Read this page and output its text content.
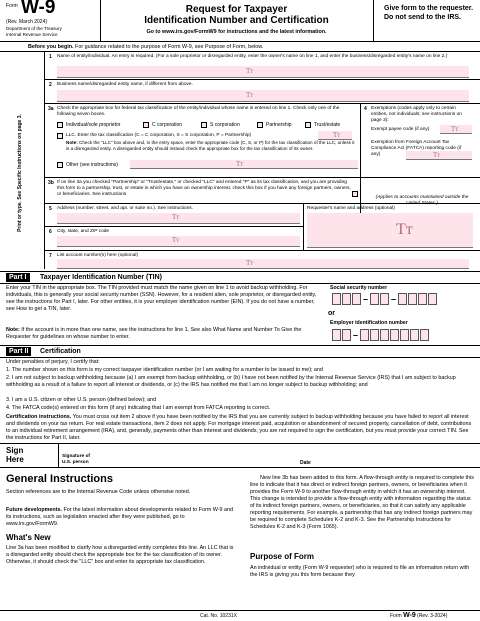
Form W-9
(Rev. March 2024)
Department of the Treasury
Internal Revenue Service
Request for Taxpayer
Identification Number and Certification
Go to www.irs.gov/FormW9 for instructions and the latest information.
Give form to the requester. Do not send to the IRS.
Before you begin. For guidance related to the purpose of Form W-9, see Purpose of Form, below.
Print or type. See Specific Instructions on page 3.
1 Name of entity/individual. An entry is required. (For a sole proprietor or disregarded entity, enter the owner's name on line 1, and enter the business/disregarded entity's name on line 2.)
Tт
2 Business name/disregarded entity name, if different from above.
Tт
3a Check the appropriate box for federal tax classification of the entity/individual whose name is entered on line 1. Check only one of the following seven boxes.
Individual/sole proprietor	C corporation	S corporation	Partnership	Trust/estate
LLC. Enter the tax classification (C = C corporation, S = S corporation, P = Partnership)	Tт
Note: Check the "LLC" box above and, in the entry space, enter the appropriate code (C, S, or P) for the tax classification of the LLC, unless it is a disregarded entity. A disregarded entity should instead check the appropriate box for the tax classification of its owner.
Other (see instructions)	Tт
4 Exemptions (codes apply only to certain entities, not individuals; see instructions on page 3):
Exempt payee code (if any)	Tт
Exemption from Foreign Account Tax Compliance Act (FATCA) reporting code (if any)	Tт
3b If on line 3a you checked "Partnership" or "Trust/estate," or checked "LLC" and entered "P" as its tax classification, and you are providing this form to a partnership, trust, or estate in which you have an ownership interest, check this box if you have any foreign partners, owners, or beneficiaries. See instructions
(Applies to accounts maintained outside the United States.)
5 Address (number, street, and apt. or suite no.). See instructions.
Tт
Requester's name and address (optional)
Tт
6 City, state, and ZIP code
Tт
7 List account number(s) here (optional)
Tт
Part I	Taxpayer Identification Number (TIN)
Enter your TIN in the appropriate box. The TIN provided must match the name given on line 1 to avoid backup withholding. For individuals, this is generally your social security number (SSN). However, for a resident alien, sole proprietor, or disregarded entity, see the instructions for Part I, later. For other entities, it is your employer identification number (EIN). If you do not have a number, see How to get a TIN, later.
Social security number
–	–
or
Employer identification number
–
Note: If the account is in more than one name, see the instructions for line 1. See also What Name and Number To Give the Requester for guidelines on whose number to enter.
Part II	Certification
Under penalties of perjury, I certify that:
1. The number shown on this form is my correct taxpayer identification number (or I am waiting for a number to be issued to me); and
2. I am not subject to backup withholding because (a) I am exempt from backup withholding, or (b) I have not been notified by the Internal Revenue Service (IRS) that I am subject to backup withholding as a result of a failure to report all interest or dividends, or (c) the IRS has notified me that I am no longer subject to backup withholding; and
3. I am a U.S. citizen or other U.S. person (defined below); and
4. The FATCA code(s) entered on this form (if any) indicating that I am exempt from FATCA reporting is correct.
Certification instructions. You must cross out item 2 above if you have been notified by the IRS that you are currently subject to backup withholding because you have failed to report all interest and dividends on your tax return. For real estate transactions, item 2 does not apply. For mortgage interest paid, acquisition or abandonment of secured property, cancellation of debt, contributions to an individual retirement arrangement (IRA), and, generally, payments other than interest and dividends, you are not required to sign the certification, but you must provide your correct TIN. See the instructions for Part II, later.
Sign
Here	Signature of
U.S. person	Date
General Instructions
Section references are to the Internal Revenue Code unless otherwise noted.
Future developments. For the latest information about developments related to Form W-9 and its instructions, such as legislation enacted after they were published, go to www.irs.gov/FormW9.
What's New
Line 3a has been modified to clarify how a disregarded entity completes this line. An LLC that is a disregarded entity should check the appropriate box for the tax classification of its owner. Otherwise, it should check the "LLC" box and enter its appropriate tax classification.
New line 3b has been added to this form. A flow-through entity is required to complete this line to indicate that it has direct or indirect foreign partners, owners, or beneficiaries when it provides the Form W-9 to another flow-through entity in which it has an ownership interest. This change is intended to provide a flow-through entity with information regarding the status of its indirect foreign partners, owners, or beneficiaries, so that it can satisfy any applicable reporting requirements. For example, a partnership that has any indirect foreign partners may be required to complete Schedules K-2 and K-3. See the Partnership Instructions for Schedules K-2 and K-3 (Form 1065).
Purpose of Form
An individual or entity (Form W-9 requester) who is required to file an information return with the IRS is giving you this form because they
Cat. No. 10231X	Form W-9 (Rev. 3-2024)
